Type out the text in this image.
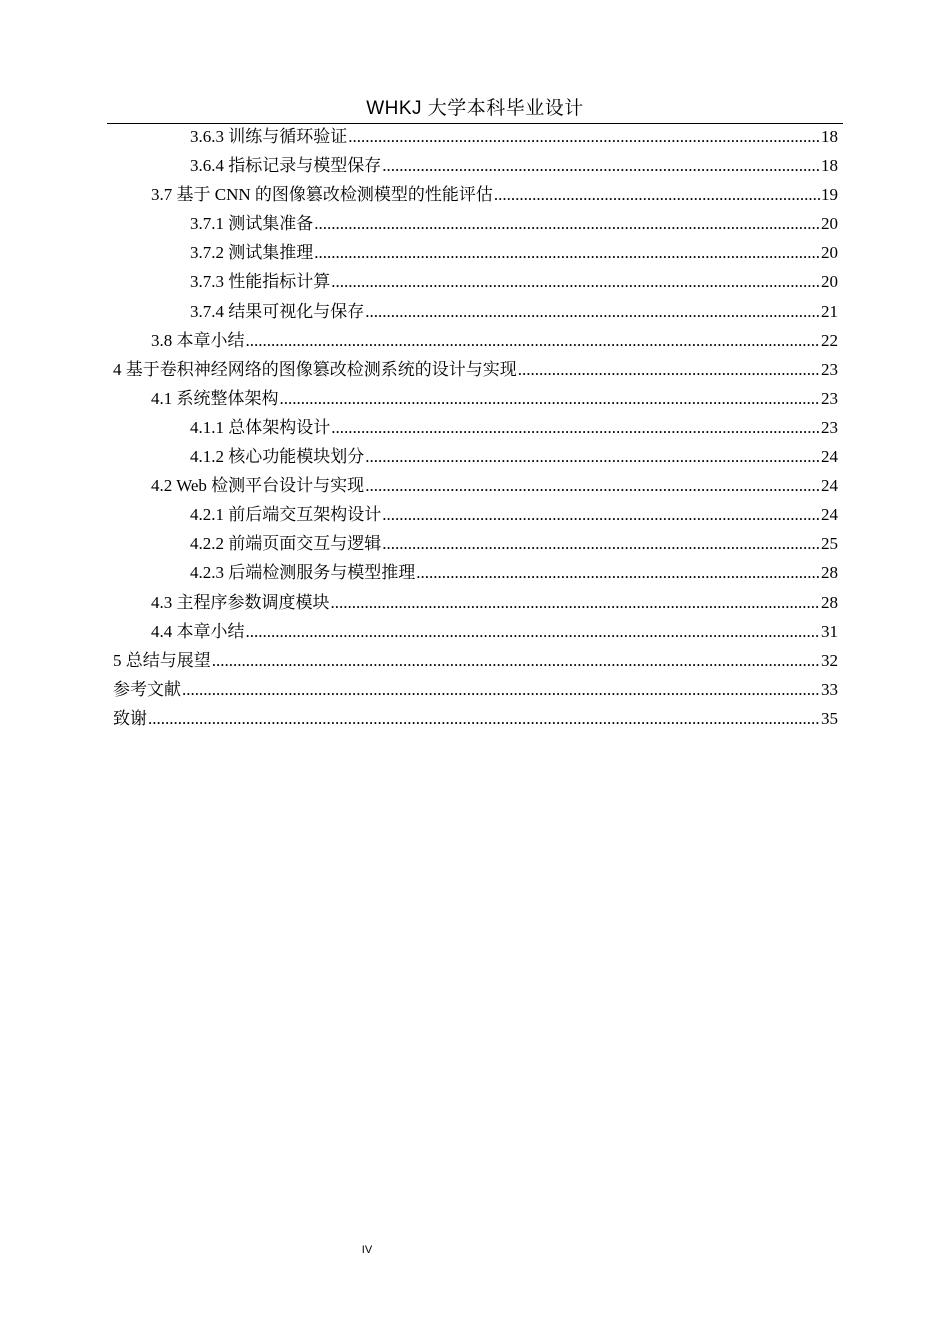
WHKJ 大学本科毕业设计
3.6.3 训练与循环验证 .....	18
3.6.4 指标记录与模型保存 .....	18
3.7 基于 CNN 的图像篡改检测模型的性能评估 .....	19
3.7.1 测试集准备 .....	20
3.7.2 测试集推理 .....	20
3.7.3 性能指标计算 .....	20
3.7.4 结果可视化与保存 .....	21
3.8 本章小结 .....	22
4 基于卷积神经网络的图像篡改检测系统的设计与实现 .....	23
4.1 系统整体架构 .....	23
4.1.1 总体架构设计 .....	23
4.1.2 核心功能模块划分 .....	24
4.2 Web 检测平台设计与实现 .....	24
4.2.1 前后端交互架构设计 .....	24
4.2.2 前端页面交互与逻辑 .....	25
4.2.3 后端检测服务与模型推理 .....	28
4.3 主程序参数调度模块 .....	28
4.4 本章小结 .....	31
5 总结与展望 .....	32
参考文献 .....	33
致谢 .....	35
IV
